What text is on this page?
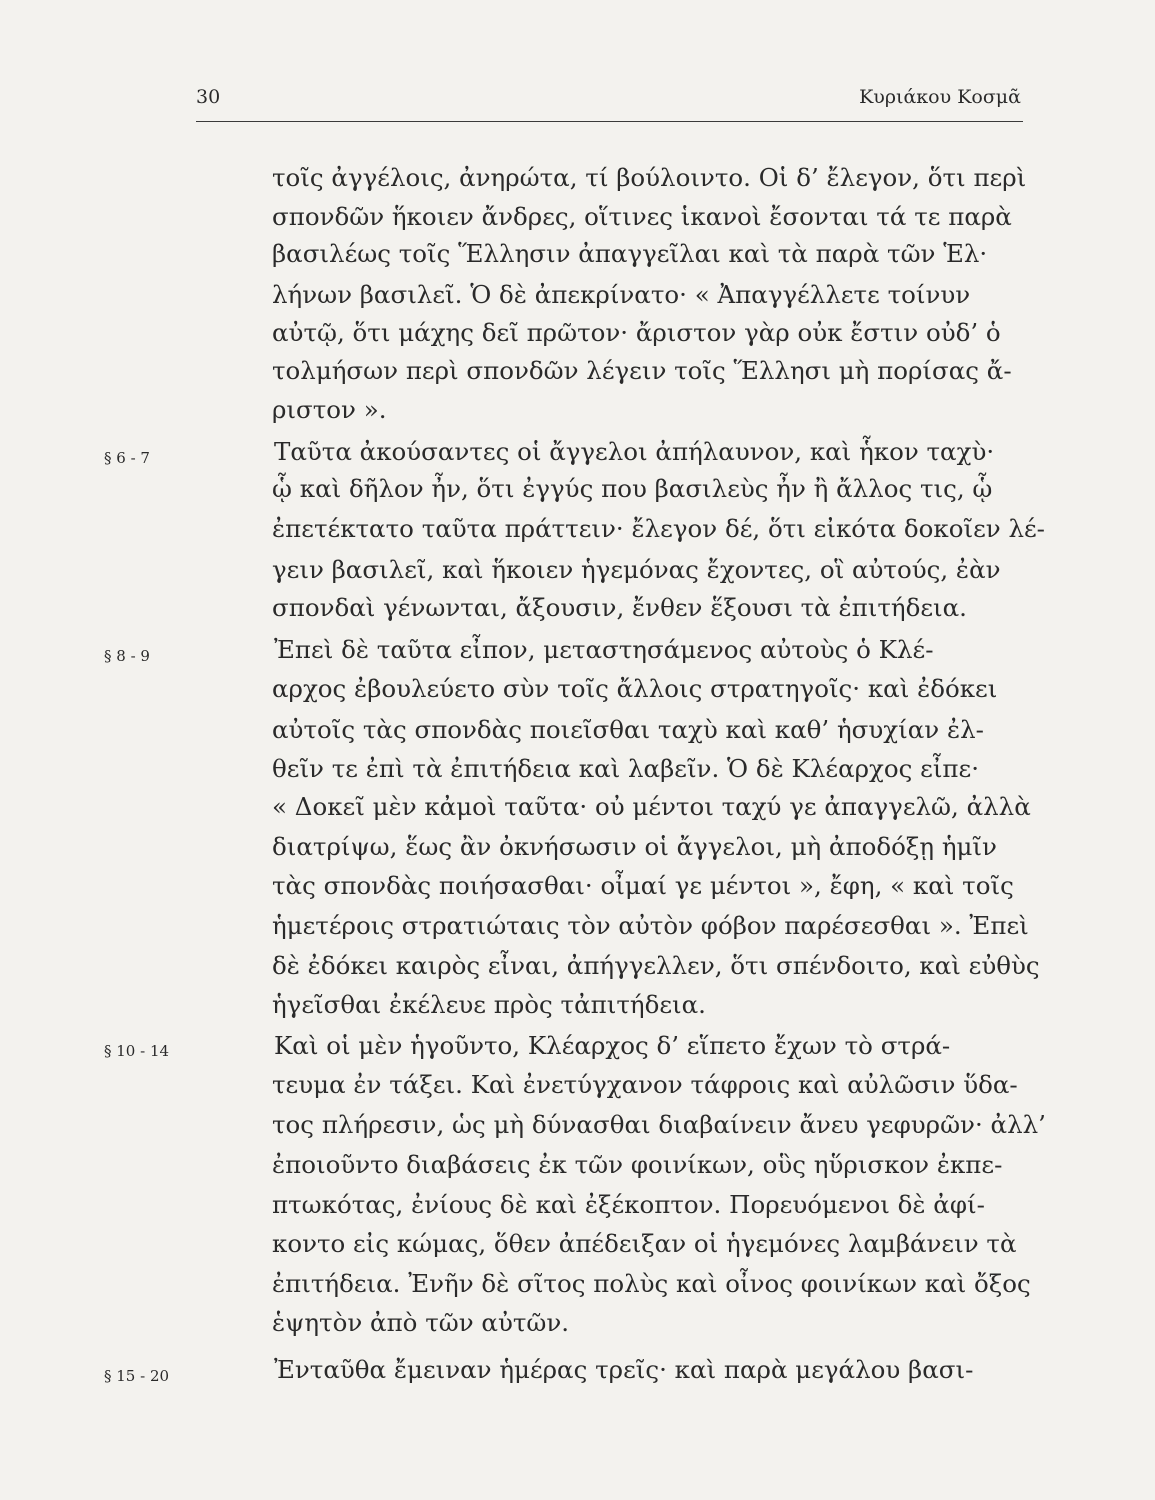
30	Κυριάκου Κοσμᾶ
§ 6 - 7
§ 8 - 9
§ 10 - 14
§ 15 - 20
τοῖς ἀγγέλοις, ἀνηρώτα, τί βούλοιντο. Οἱ δ’ ἔλεγον, ὅτι περὶ
σπονδῶν ἥκοιεν ἄνδρες, οἵτινες ἱκανοὶ ἔσονται τά τε παρὰ
βασιλέως τοῖς Ἕλλησιν ἀπαγγεῖλαι καὶ τὰ παρὰ τῶν Ἑλ·
λήνων βασιλεῖ. Ὁ δὲ ἀπεκρίνατο· « Ἀπαγγέλλετε τοίνυν
αὐτῷ, ὅτι μάχης δεῖ πρῶτον· ἄριστον γὰρ οὐκ ἔστιν οὐδ’ ὁ
τολμήσων περὶ σπονδῶν λέγειν τοῖς Ἕλλησι μὴ πορίσας ἄ-
ριστον ».
Ταῦτα ἀκούσαντες οἱ ἄγγελοι ἀπήλαυνον, καὶ ἧκον ταχὺ·
ᾧ καὶ δῆλον ἦν, ὅτι ἐγγύς που βασιλεὺς ἦν ἢ ἄλλος τις, ᾧ
ἐπετέκτατο ταῦτα πράττειν· ἔλεγον δέ, ὅτι εἰκότα δοκοῖεν λέ-
γειν βασιλεῖ, καὶ ἥκοιεν ἡγεμόνας ἔχοντες, οἳ αὐτούς, ἐὰν
σπονδαὶ γένωνται, ἄξουσιν, ἔνθεν ἕξουσι τὰ ἐπιτήδεια.
Ἐπεὶ δὲ ταῦτα εἶπον, μεταστησάμενος αὐτοὺς ὁ Κλέ-
αρχος ἐβουλεύετο σὺν τοῖς ἄλλοις στρατηγοῖς· καὶ ἐδόκει
αὐτοῖς τὰς σπονδὰς ποιεῖσθαι ταχὺ καὶ καθ’ ἡσυχίαν ἐλ-
θεῖν τε ἐπὶ τὰ ἐπιτήδεια καὶ λαβεῖν. Ὁ δὲ Κλέαρχος εἶπε·
« Δοκεῖ μὲν κἀμοὶ ταῦτα· οὐ μέντοι ταχύ γε ἀπαγγελῶ, ἀλλὰ
διατρίψω, ἕως ἂν ὀκνήσωσιν οἱ ἄγγελοι, μὴ ἀποδόξῃ ἡμῖν
τὰς σπονδὰς ποιήσασθαι· οἶμαί γε μέντοι », ἔφη, « καὶ τοῖς
ἡμετέροις στρατιώταις τὸν αὐτὸν φόβον παρέσεσθαι ». Ἐπεὶ
δὲ ἐδόκει καιρὸς εἶναι, ἀπήγγελλεν, ὅτι σπένδοιτο, καὶ εὐθὺς
ἡγεῖσθαι ἐκέλευε πρὸς τἀπιτήδεια.
Καὶ οἱ μὲν ἡγοῦντο, Κλέαρχος δ’ εἵπετο ἔχων τὸ στρά-
τευμα ἐν τάξει. Καὶ ἐνετύγχανον τάφροις καὶ αὐλῶσιν ὕδα-
τος πλήρεσιν, ὡς μὴ δύνασθαι διαβαίνειν ἄνευ γεφυρῶν· ἀλλ’
ἐποιοῦντο διαβάσεις ἐκ τῶν φοινίκων, οὓς ηὕρισκον ἐκπε-
πτωκότας, ἐνίους δὲ καὶ ἐξέκοπτον. Πορευόμενοι δὲ ἀφί-
κοντο εἰς κώμας, ὅθεν ἀπέδειξαν οἱ ἡγεμόνες λαμβάνειν τὰ
ἐπιτήδεια. Ἐνῆν δὲ σῖτος πολὺς καὶ οἶνος φοινίκων καὶ ὄξος
ἑψητὸν ἀπὸ τῶν αὐτῶν.
Ἐνταῦθα ἔμειναν ἡμέρας τρεῖς· καὶ παρὰ μεγάλου βασι-
